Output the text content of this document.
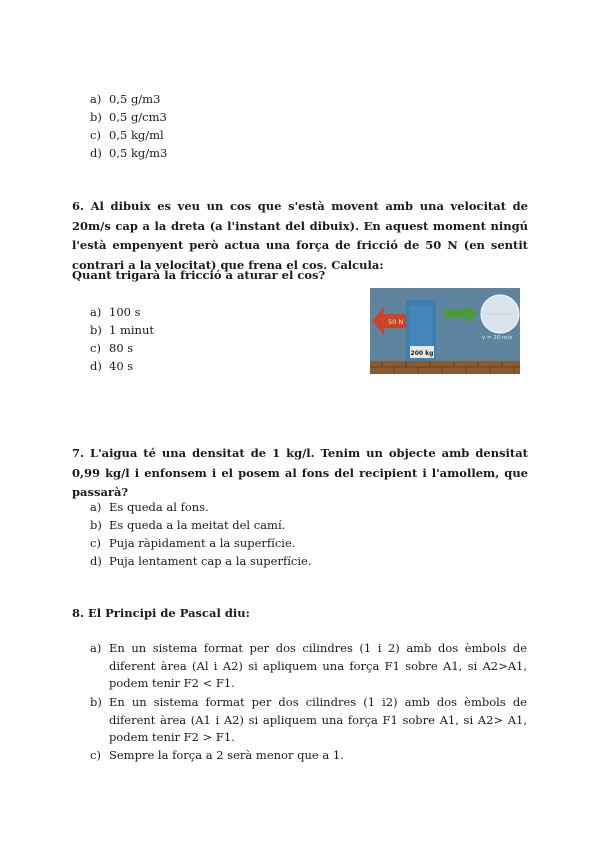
a) 0,5 g/m3
b) 0,5 g/cm3
c) 0,5 kg/ml
d) 0,5 kg/m3
6. Al dibuix es veu un cos que s'està movent amb una velocitat de 20m/s cap a la dreta (a l'instant del dibuix). En aquest moment ningú l'està empenyent però actua una força de fricció de 50 N (en sentit contrari a la velocitat) que frena el cos. Calcula:
Quant trigarà la fricció a aturar el cos?
a) 100 s
b) 1 minut
c) 80 s
d) 40 s
200 kg
50 N
v = 20 m/s
7. L'aigua té una densitat de 1 kg/l. Tenim un objecte amb densitat 0,99 kg/l i enfonsem i el posem al fons del recipient i l'amollem, que passarà?
a) Es queda al fons.
b) Es queda a la meitat del camí.
c) Puja ràpidament a la superfície.
d) Puja lentament cap a la superfície.
8. El Principi de Pascal diu:
a) En un sistema format per dos cilindres (1 i 2) amb dos èmbols de diferent àrea (Al i A2) si apliquem una força F1 sobre A1, si A2>A1, podem tenir F2 < F1.
b) En un sistema format per dos cilindres (1 i2) amb dos èmbols de diferent àrea (A1 i A2) si apliquem una força F1 sobre A1, si A2> A1, podem tenir F2 > F1.
c) Sempre la força a 2 serà menor que a 1.
